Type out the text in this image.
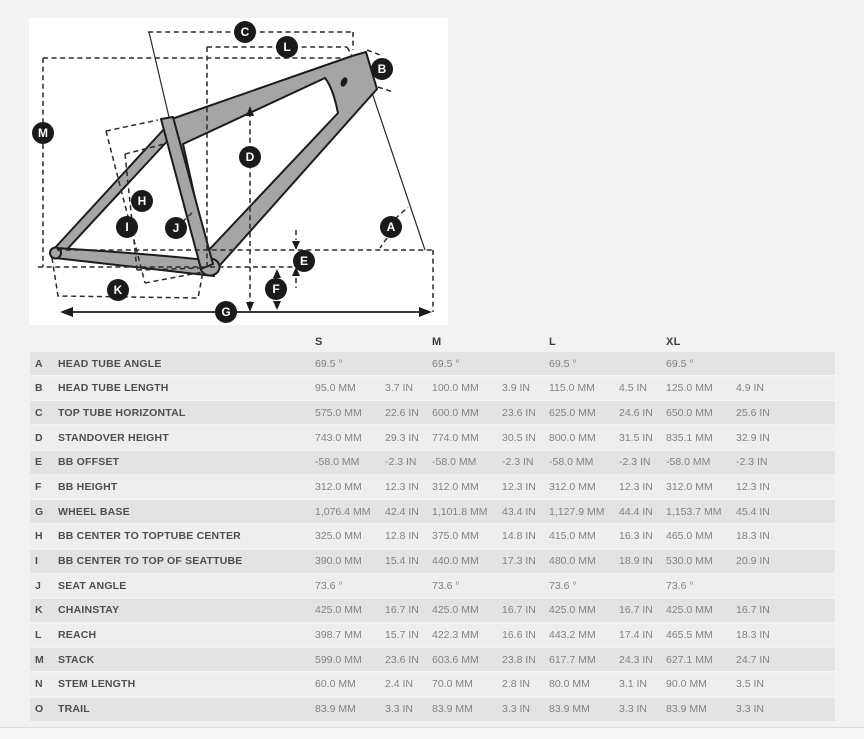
A
B
C
D
E
F
G
H
I	J
K
L
M
S	M	L	XL
A	HEAD TUBE ANGLE	69.5 °	69.5 °	69.5 °	69.5 °
B	HEAD TUBE LENGTH	95.0 MM	3.7 IN	100.0 MM	3.9 IN	115.0 MM	4.5 IN	125.0 MM	4.9 IN
C	TOP TUBE HORIZONTAL	575.0 MM	22.6 IN	600.0 MM	23.6 IN	625.0 MM	24.6 IN	650.0 MM	25.6 IN
D	STANDOVER HEIGHT	743.0 MM	29.3 IN	774.0 MM	30.5 IN	800.0 MM	31.5 IN	835.1 MM	32.9 IN
E	BB OFFSET	-58.0 MM	-2.3 IN	-58.0 MM	-2.3 IN	-58.0 MM	-2.3 IN	-58.0 MM	-2.3 IN
F	BB HEIGHT	312.0 MM	12.3 IN	312.0 MM	12.3 IN	312.0 MM	12.3 IN	312.0 MM	12.3 IN
G	WHEEL BASE	1,076.4 MM	42.4 IN	1,101.8 MM	43.4 IN	1,127.9 MM	44.4 IN	1,153.7 MM	45.4 IN
H	BB CENTER TO TOPTUBE CENTER	325.0 MM	12.8 IN	375.0 MM	14.8 IN	415.0 MM	16.3 IN	465.0 MM	18.3 IN
I	BB CENTER TO TOP OF SEATTUBE	390.0 MM	15.4 IN	440.0 MM	17.3 IN	480.0 MM	18.9 IN	530.0 MM	20.9 IN
J	SEAT ANGLE	73.6 °	73.6 °	73.6 °	73.6 °
K	CHAINSTAY	425.0 MM	16.7 IN	425.0 MM	16.7 IN	425.0 MM	16.7 IN	425.0 MM	16.7 IN
L	REACH	398.7 MM	15.7 IN	422.3 MM	16.6 IN	443.2 MM	17.4 IN	465.5 MM	18.3 IN
M	STACK	599.0 MM	23.6 IN	603.6 MM	23.8 IN	617.7 MM	24.3 IN	627.1 MM	24.7 IN
N	STEM LENGTH	60.0 MM	2.4 IN	70.0 MM	2.8 IN	80.0 MM	3.1 IN	90.0 MM	3.5 IN
O	TRAIL	83.9 MM	3.3 IN	83.9 MM	3.3 IN	83.9 MM	3.3 IN	83.9 MM	3.3 IN
